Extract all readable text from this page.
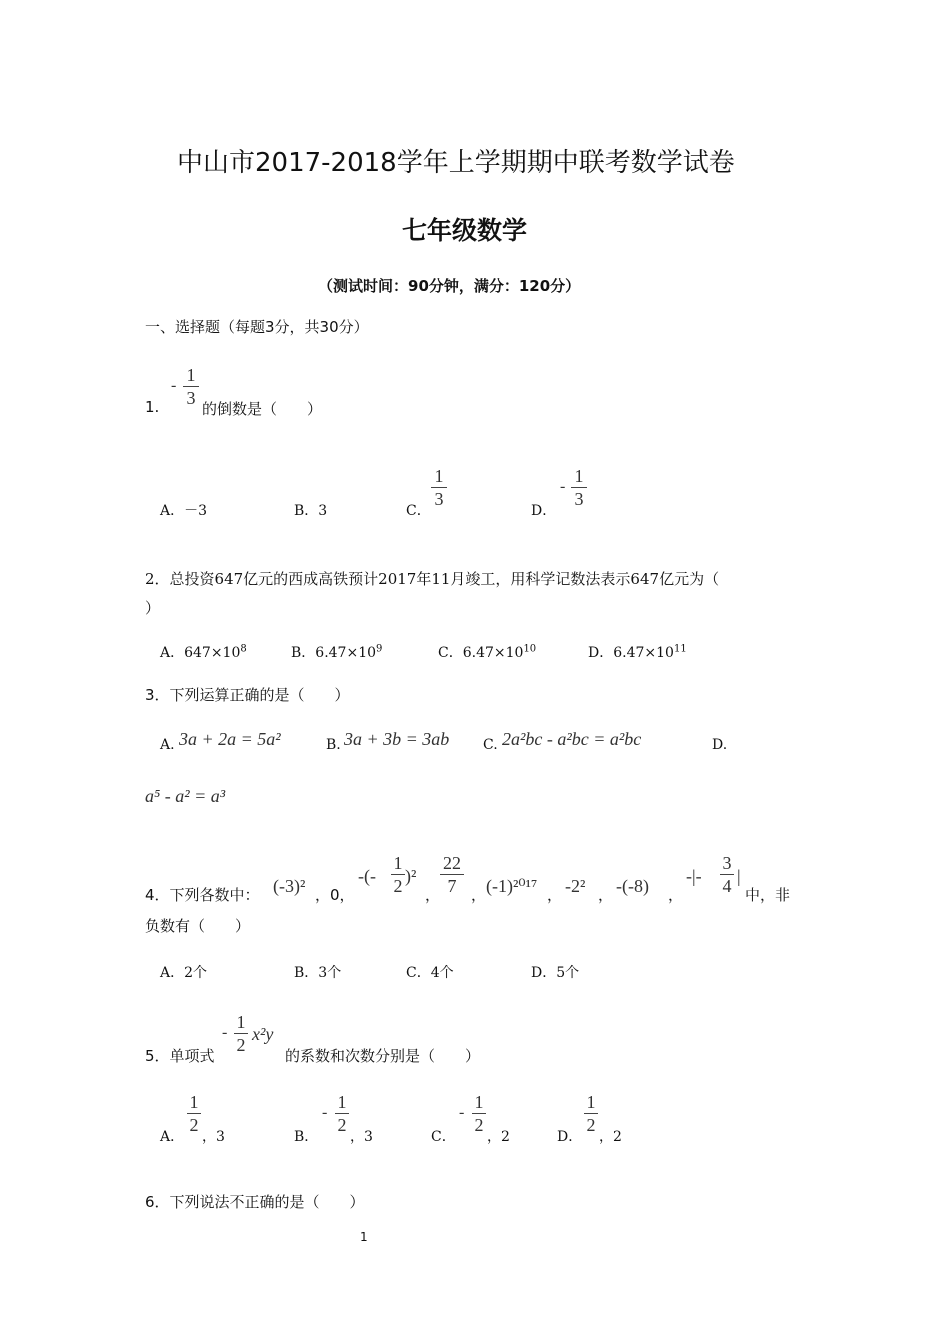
中山市2017-2018学年上学期期中联考数学试卷
七年级数学
（测试时间：90分钟，满分：120分）
一、选择题（每题3分，共30分）
1.
-
1
3
的倒数是（　　）
A．－3	B．3	C．
1
3
D．
-
1
3
2．总投资647亿元的西成高铁预计2017年11月竣工，用科学记数法表示647亿元为（
）
A．$647\times 10^8$	B．$6.47\times 10^9$	C．$6.47\times 10^{10}$	D．$6.47\times 10^{11}$
3．下列运算正确的是（　　）
A. 3a + 2a = 5a²	B. 3a + 3b = 3ab C. 2a²bc - a²bc = a²bc	D.
a⁵ - a² = a³
4．下列各数中： (-3)² ，0，
-(-
1
2 )²
，
22
7 ， (-1)²⁰¹⁷ ， -2² ， -(-8) ，
-|-
3
4 |
中，非
负数有（　　）
A．2个	B．3个	C．4个	D．5个
5．单项式
-
1
2
x²y
的系数和次数分别是（　　）
A．
1
2
，3	B．
-
1
2
，3	C．
-
1
2
，2	D．
1
2
，2
6．下列说法不正确的是（　　）
1
